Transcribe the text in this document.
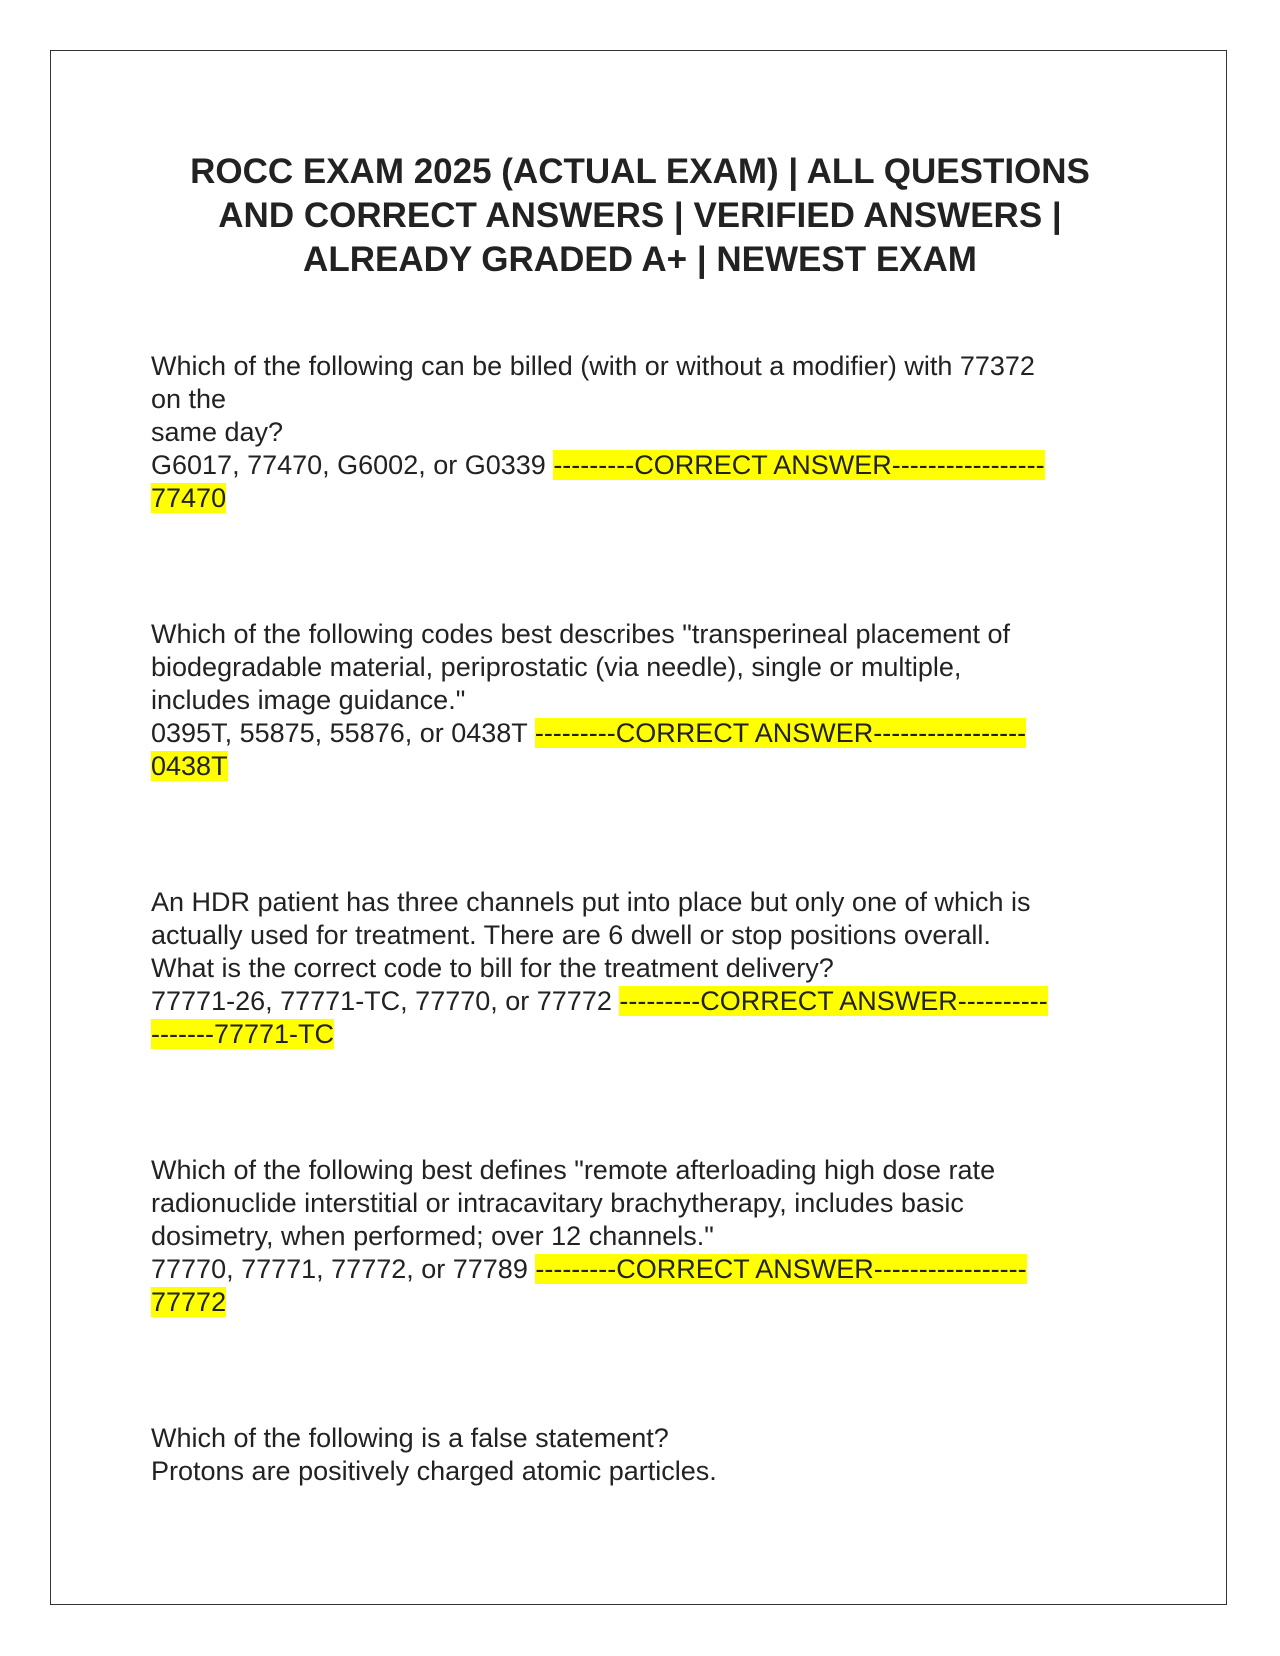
ROCC EXAM 2025 (ACTUAL EXAM) | ALL QUESTIONS
AND CORRECT ANSWERS | VERIFIED ANSWERS |
ALREADY GRADED A+ | NEWEST EXAM
Which of the following can be billed (with or without a modifier) with 77372
on the
same day?
G6017, 77470, G6002, or G0339 ---------CORRECT ANSWER-----------------
77470
Which of the following codes best describes "transperineal placement of
biodegradable material, periprostatic (via needle), single or multiple,
includes image guidance."
0395T, 55875, 55876, or 0438T ---------CORRECT ANSWER-----------------
0438T
An HDR patient has three channels put into place but only one of which is
actually used for treatment. There are 6 dwell or stop positions overall.
What is the correct code to bill for the treatment delivery?
77771-26, 77771-TC, 77770, or 77772 ---------CORRECT ANSWER----------
-------77771-TC
Which of the following best defines "remote afterloading high dose rate
radionuclide interstitial or intracavitary brachytherapy, includes basic
dosimetry, when performed; over 12 channels."
77770, 77771, 77772, or 77789 ---------CORRECT ANSWER-----------------
77772
Which of the following is a false statement?
Protons are positively charged atomic particles.
